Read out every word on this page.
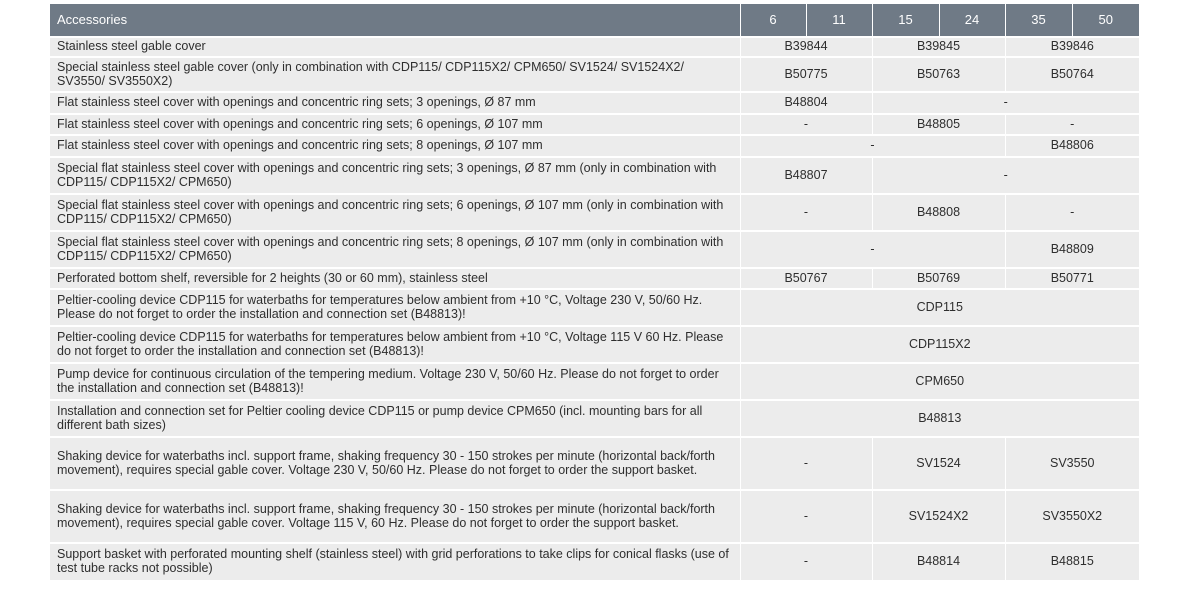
Accessories	6	11	15	24	35	50
Stainless steel gable cover	B39844		B39845		B39846	
Special stainless steel gable cover (only in combination with CDP115/ CDP115X2/ CPM650/ SV1524/ SV1524X2/ SV3550/ SV3550X2)	B50775		B50763		B50764	
Flat stainless steel cover with openings and concentric ring sets; 3 openings, Ø 87 mm	B48804		-			
Flat stainless steel cover with openings and concentric ring sets; 6 openings, Ø 107 mm	-		B48805		-	
Flat stainless steel cover with openings and concentric ring sets; 8 openings, Ø 107 mm	-				B48806	
Special flat stainless steel cover with openings and concentric ring sets; 3 openings, Ø 87 mm (only in combination with CDP115/ CDP115X2/ CPM650)	B48807		-			
Special flat stainless steel cover with openings and concentric ring sets; 6 openings, Ø 107 mm (only in combination with CDP115/ CDP115X2/ CPM650)	-		B48808		-	
Special flat stainless steel cover with openings and concentric ring sets; 8 openings, Ø 107 mm (only in combination with CDP115/ CDP115X2/ CPM650)	-				B48809	
Perforated bottom shelf, reversible for 2 heights (30 or 60 mm), stainless steel	B50767		B50769		B50771	
Peltier-cooling device CDP115 for waterbaths for temperatures below ambient from +10 °C, Voltage 230 V, 50/60 Hz. Please do not forget to order the installation and connection set (B48813)!	CDP115					
Peltier-cooling device CDP115 for waterbaths for temperatures below ambient from +10 °C, Voltage 115 V 60 Hz. Please do not forget to order the installation and connection set (B48813)!	CDP115X2					
Pump device for continuous circulation of the tempering medium. Voltage 230 V, 50/60 Hz. Please do not forget to order the installation and connection set (B48813)!	CPM650					
Installation and connection set for Peltier cooling device CDP115 or pump device CPM650 (incl. mounting bars for all different bath sizes)	B48813					
Shaking device for waterbaths incl. support frame, shaking frequency 30 - 150 strokes per minute (horizontal back/forth movement), requires special gable cover. Voltage 230 V, 50/60 Hz. Please do not forget to order the support basket.	-		SV1524		SV3550	
Shaking device for waterbaths incl. support frame, shaking frequency 30 - 150 strokes per minute (horizontal back/forth movement), requires special gable cover. Voltage 115 V, 60 Hz. Please do not forget to order the support basket.	-		SV1524X2		SV3550X2	
Support basket with perforated mounting shelf (stainless steel) with grid perforations to take clips for conical flasks (use of test tube racks not possible)	-		B48814		B48815	
